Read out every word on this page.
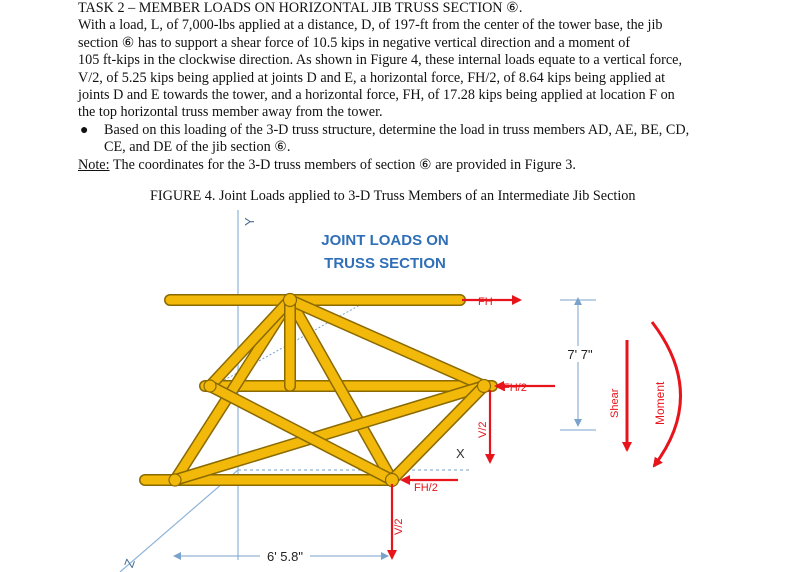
TASK 2 – MEMBER LOADS ON HORIZONTAL JIB TRUSS SECTION ⑥.
With a load, L, of 7,000-lbs applied at a distance, D, of 197-ft from the center of the tower base, the jib
section ⑥ has to support a shear force of 10.5 kips in negative vertical direction and a moment of
105 ft-kips in the clockwise direction. As shown in Figure 4, these internal loads equate to a vertical force,
V/2, of 5.25 kips being applied at joints D and E, a horizontal force, FH/2, of 8.64 kips being applied at
joints D and E towards the tower, and a horizontal force, FH, of 17.28 kips being applied at location F on
the top horizontal truss member away from the tower.
● Based on this loading of the 3-D truss structure, determine the load in truss members AD, AE, BE, CD,
CE, and DE of the jib section ⑥.
Note: The coordinates for the 3-D truss members of section ⑥ are provided in Figure 3.
FIGURE 4. Joint Loads applied to 3-D Truss Members of an Intermediate Jib Section
Y
Z
JOINT LOADS ON
TRUSS SECTION
FH
FH/2
V/2
FH/2
V/2
X
Shear	Moment
7' 7"
6' 5.8"
